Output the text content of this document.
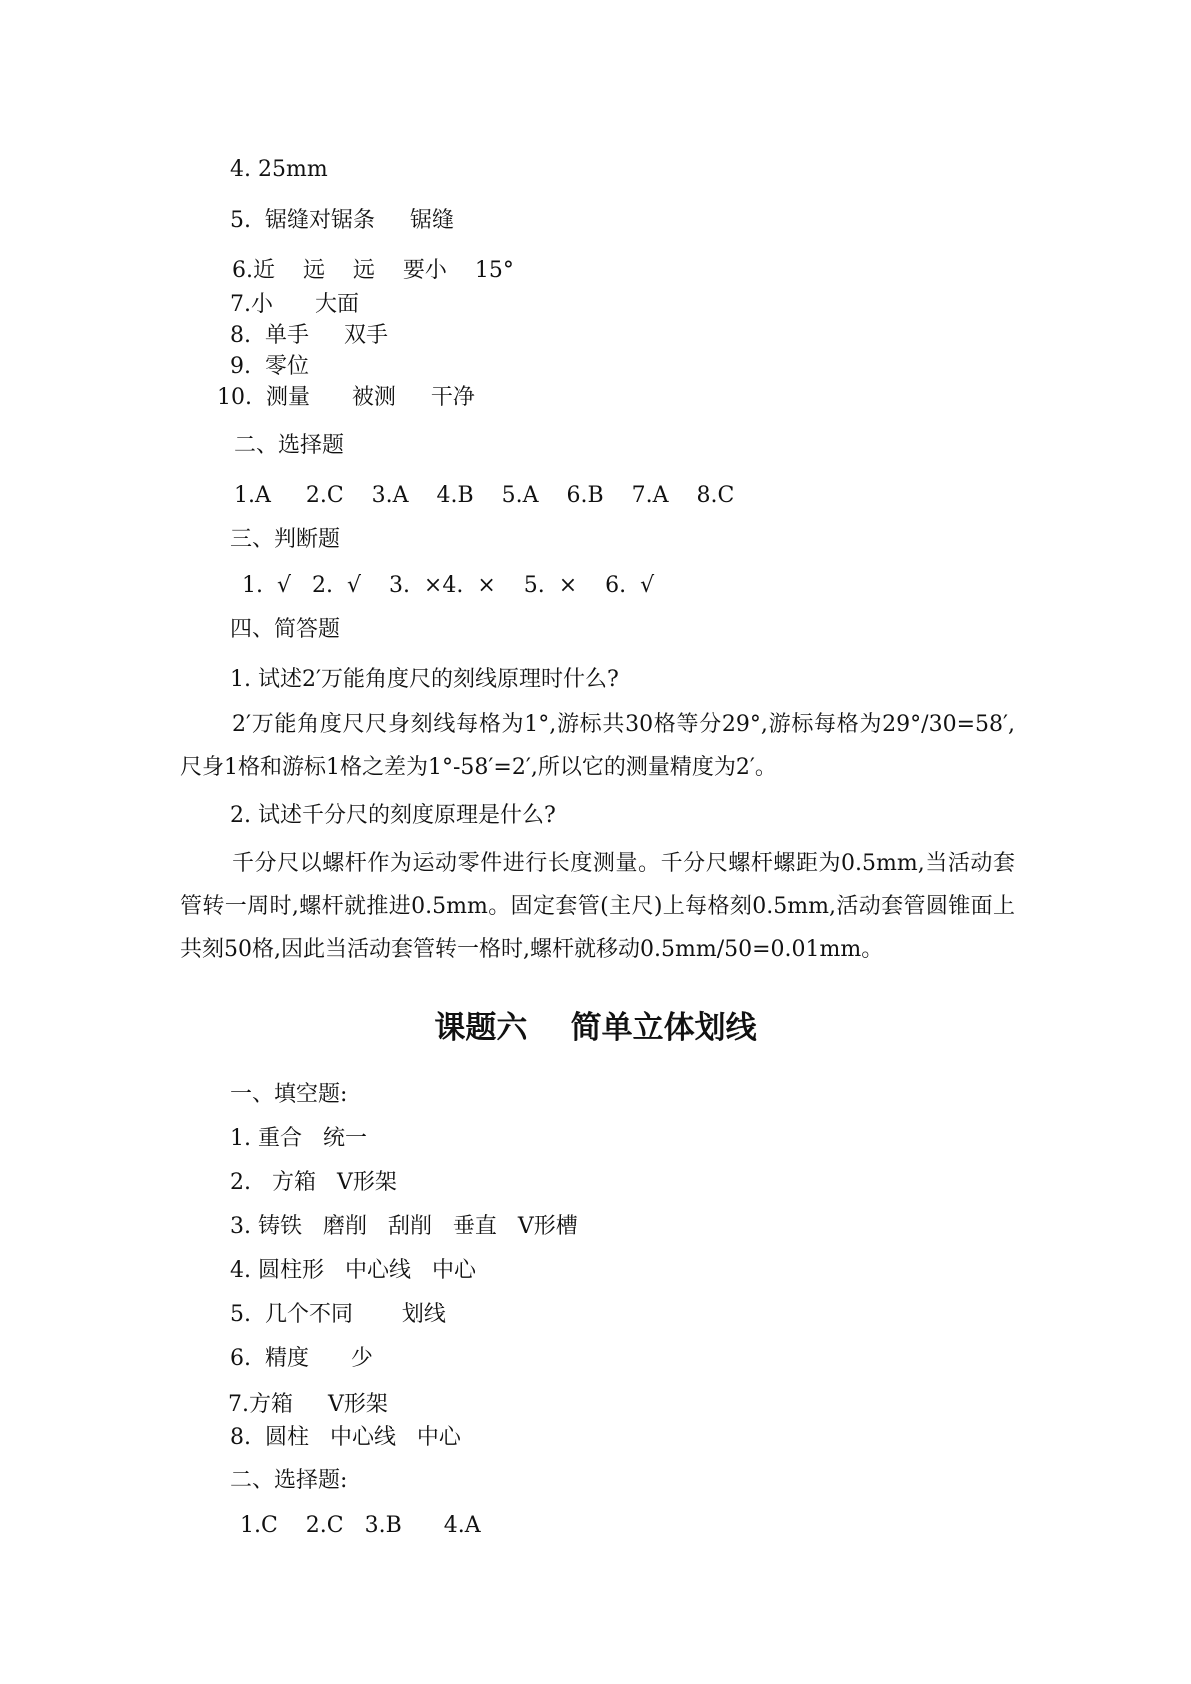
4. 25mm
5.  锯缝对锯条     锯缝
6.近    远    远    要小    15°
7.小      大面
8.  单手     双手
9.  零位
10.  测量      被测     干净
二、选择题
1.A     2.C    3.A    4.B    5.A    6.B    7.A    8.C
三、判断题
1.  √   2.  √    3.  ×4.  ×    5.  ×    6.  √
四、简答题
1. 试述2′万能角度尺的刻线原理时什么?
2′万能角度尺尺身刻线每格为1°,游标共30格等分29°,游标每格为29°/30=58′,尺身1格和游标1格之差为1°-58′=2′,所以它的测量精度为2′。
2. 试述千分尺的刻度原理是什么?
千分尺以螺杆作为运动零件进行长度测量。千分尺螺杆螺距为0.5mm,当活动套管转一周时,螺杆就推进0.5mm。固定套管(主尺)上每格刻0.5mm,活动套管圆锥面上共刻50格,因此当活动套管转一格时,螺杆就移动0.5mm/50=0.01mm。
课题六    简单立体划线
一、填空题:
1. 重合   统一
2.   方箱   V形架
3. 铸铁   磨削   刮削   垂直   V形槽
4. 圆柱形   中心线   中心
5.  几个不同       划线
6.  精度      少
7.方箱     V形架
8.  圆柱   中心线   中心
二、选择题:
1.C    2.C   3.B      4.A
